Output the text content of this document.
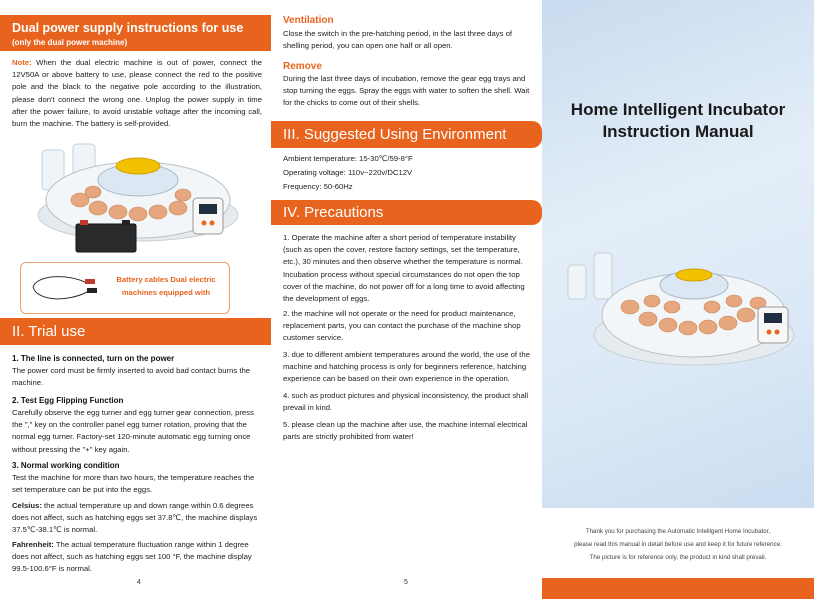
Dual power supply instructions for use
(only the dual power machine)
Note: When the dual electric machine is out of power, connect the 12V50A or above battery to use, please connect the red to the positive pole and the black to the negative pole according to the illustration, please don't connect the wrong one. Unplug the power supply in time after the power failure, to avoid unstable voltage after the incoming call, burn the machine. The battery is self-provided.
Battery cables Dual electric machines equipped with
II. Trial use
1. The line is connected, turn on the power
The power cord must be firmly inserted to avoid bad contact burns the machine.
2. Test Egg Flipping Function
Carefully observe the egg turner and egg turner gear connection, press the "," key on the controller panel egg turner rotation, proving that the normal egg turner. Factory-set 120-minute automatic egg turning once without pressing the "+" key again.
3. Normal working condition
Test the machine for more than two hours, the temperature reaches the set temperature can be put into the eggs.
Celsius: the actual temperature up and down range within 0.6 degrees does not affect, such as hatching eggs set 37.8℃, the machine displays 37.5℃-38.1℃ is normal.
Fahrenheit: The actual temperature fluctuation range within 1 degree does not affect, such as hatching eggs set 100 °F, the machine display 99.5-100.6°F is normal.
4
Ventilation
Close the switch in the pre-hatching period, in the last three days of shelling period, you can open one half or all open.
Remove
During the last three days of incubation, remove the gear egg trays and stop turning the eggs. Spray the eggs with water to soften the shell. Wait for the chicks to come out of their shells.
III. Suggested Using Environment
Ambient temperature: 15-30℃/59-8°F
Operating voltage: 110v~220v/DC12V
Frequency: 50-60Hz
IV. Precautions
1. Operate the machine after a short period of temperature instability (such as open the cover, restore factory settings, set the temperature, etc.), 30 minutes and then observe whether the temperature is normal. Incubation process without special circumstances do not open the top cover of the machine, do not power off for a long time to avoid affecting the development of eggs.
2. the machine will not operate or the need for product maintenance, replacement parts, you can contact the purchase of the machine shop customer service.
3. due to different ambient temperatures around the world, the use of the machine and hatching process is only for beginners reference, hatching experience can be based on their own experience in the operation.
4. such as product pictures and physical inconsistency, the product shall prevail in kind.
5. please clean up the machine after use, the machine internal electrical parts are strictly prohibited from water!
5
Home Intelligent Incubator
Instruction Manual
Thank you for purchasing the Automatic Intelligent Home Incubator,
please read this manual in detail before use and keep it for future reference.
The picture is for reference only, the product in kind shall prevail.
